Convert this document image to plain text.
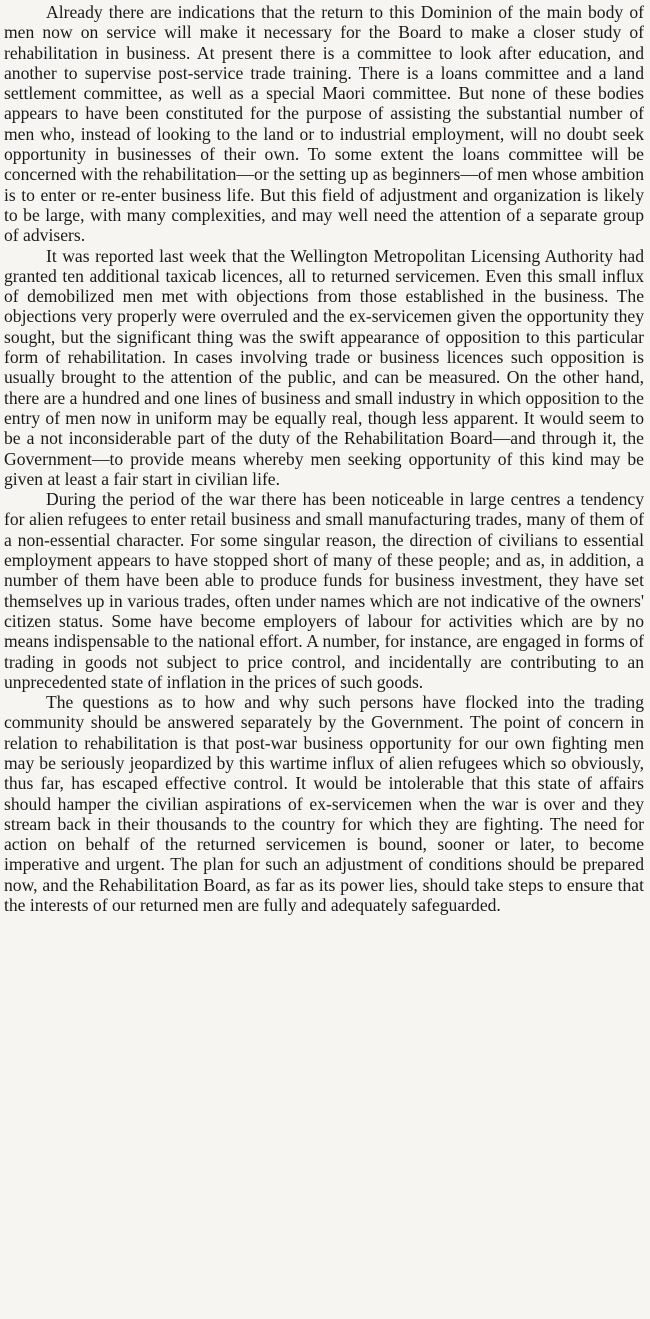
Already there are indications that the return to this Dominion of the main body of men now on service will make it necessary for the Board to make a closer study of rehabilitation in business. At present there is a committee to look after education, and another to supervise post-service trade training. There is a loans committee and a land settlement committee, as well as a special Maori committee. But none of these bodies appears to have been constituted for the purpose of assisting the substantial number of men who, instead of looking to the land or to industrial employment, will no doubt seek opportunity in businesses of their own. To some extent the loans committee will be concerned with the rehabilitation—or the setting up as beginners—of men whose ambition is to enter or re-enter business life. But this field of adjustment and organization is likely to be large, with many complexities, and may well need the attention of a separate group of advisers.

It was reported last week that the Wellington Metropolitan Licensing Authority had granted ten additional taxicab licences, all to returned servicemen. Even this small influx of demobilized men met with objections from those established in the business. The objections very properly were overruled and the ex-servicemen given the opportunity they sought, but the significant thing was the swift appearance of opposition to this particular form of rehabilitation. In cases involving trade or business licences such opposition is usually brought to the attention of the public, and can be measured. On the other hand, there are a hundred and one lines of business and small industry in which opposition to the entry of men now in uniform may be equally real, though less apparent. It would seem to be a not inconsiderable part of the duty of the Rehabilitation Board—and through it, the Government—to provide means whereby men seeking opportunity of this kind may be given at least a fair start in civilian life.

During the period of the war there has been noticeable in large centres a tendency for alien refugees to enter retail business and small manufacturing trades, many of them of a non-essential character. For some singular reason, the direction of civilians to essential employment appears to have stopped short of many of these people; and as, in addition, a number of them have been able to produce funds for business investment, they have set themselves up in various trades, often under names which are not indicative of the owners' citizen status. Some have become employers of labour for activities which are by no means indispensable to the national effort. A number, for instance, are engaged in forms of trading in goods not subject to price control, and incidentally are contributing to an unprecedented state of inflation in the prices of such goods.

The questions as to how and why such persons have flocked into the trading community should be answered separately by the Government. The point of concern in relation to rehabilitation is that post-war business opportunity for our own fighting men may be seriously jeopardized by this wartime influx of alien refugees which so obviously, thus far, has escaped effective control. It would be intolerable that this state of affairs should hamper the civilian aspirations of ex-servicemen when the war is over and they stream back in their thousands to the country for which they are fighting. The need for action on behalf of the returned servicemen is bound, sooner or later, to become imperative and urgent. The plan for such an adjustment of conditions should be prepared now, and the Rehabilitation Board, as far as its power lies, should take steps to ensure that the interests of our returned men are fully and adequately safeguarded.
